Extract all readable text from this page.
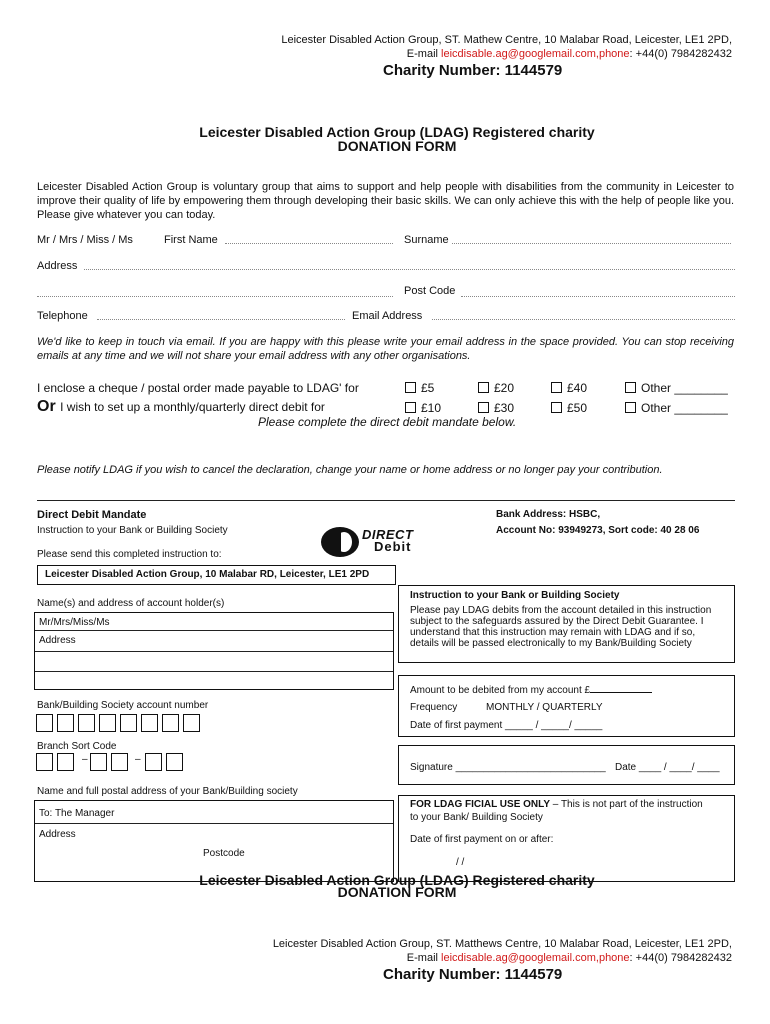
Leicester Disabled Action Group, ST. Mathew Centre, 10 Malabar Road, Leicester, LE1 2PD,
E-mail leicdisable.ag@googlemail.com,phone: +44(0) 7984282432
Charity Number: 1144579
Leicester Disabled Action Group (LDAG) Registered charity
DONATION FORM
Leicester Disabled Action Group is voluntary group that aims to support and help people with disabilities from the community in Leicester to improve their quality of life by empowering them through developing their basic skills. We can only achieve this with the help of people like you. Please give whatever you can today.
Mr / Mrs / Miss / Ms	First Name	Surname
Address
Post Code
Telephone	Email Address
We'd like to keep in touch via email. If you are happy with this please write your email address in the space provided. You can stop receiving emails at any time and we will not share your email address with any other organisations.
I enclose a cheque / postal order made payable to LDAG' for	£5	£20	£40	Other ________
Or I wish to set up a monthly/quarterly direct debit for	£10	£30	£50	Other ________
Please complete the direct debit mandate below.
Please notify LDAG if you wish to cancel the declaration, change your name or home address or no longer pay your contribution.
Direct Debit Mandate
Instruction to your Bank or Building Society
Please send this completed instruction to:
DIRECT
Debit
Bank Address: HSBC,
Account No: 93949273, Sort code: 40 28 06
Leicester Disabled Action Group, 10 Malabar RD, Leicester, LE1 2PD
Name(s) and address of account holder(s)
Mr/Mrs/Miss/Ms
Address
Bank/Building Society account number
Branch Sort Code
–	–
Name and full postal address of your Bank/Building society
To: The Manager
Address
Postcode
Instruction to your Bank or Building Society
Please pay LDAG debits from the account detailed in this instruction subject to the safeguards assured by the Direct Debit Guarantee. I understand that this instruction may remain with LDAG and if so, details will be passed electronically to my Bank/Building Society
Amount to be debited from my account £
Frequency	MONTHLY / QUARTERLY
Date of first payment _____ / _____/ _____
Signature ___________________________ Date ____ / ____/ ____
FOR LDAG FICIAL USE ONLY – This is not part of the instruction
to your Bank/ Building Society
Date of first payment on or after:
/ /
Leicester Disabled Action Group (LDAG) Registered charity
DONATION FORM
Leicester Disabled Action Group, ST. Matthews Centre, 10 Malabar Road, Leicester, LE1 2PD,
E-mail leicdisable.ag@googlemail.com,phone: +44(0) 7984282432
Charity Number: 1144579
